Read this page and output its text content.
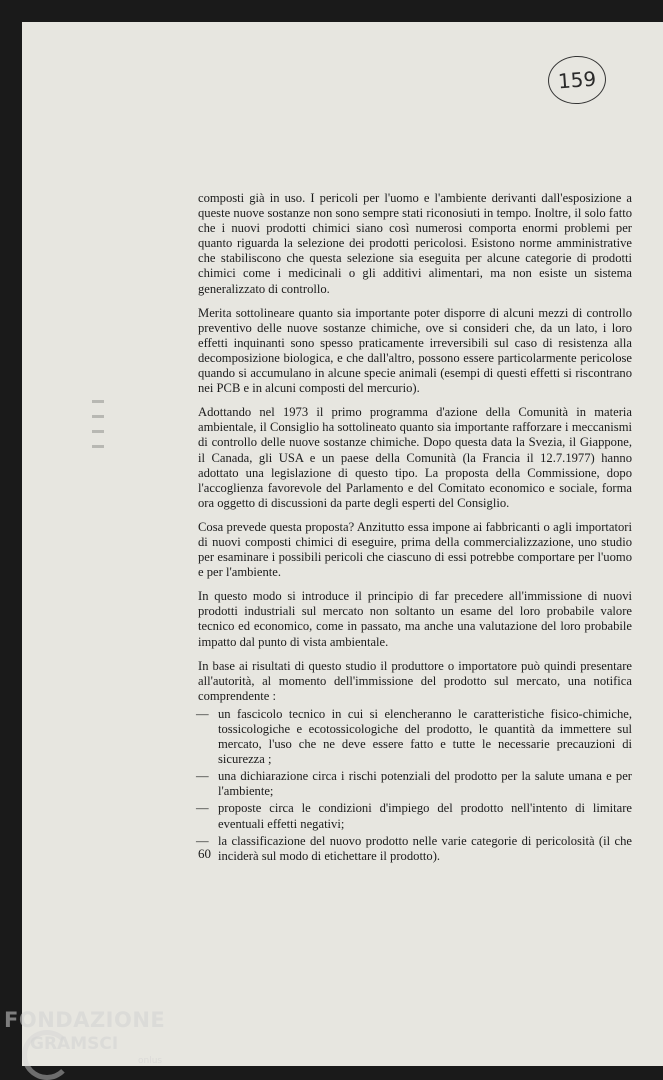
159

composti già in uso. I pericoli per l'uomo e l'ambiente derivanti dall'esposizione a queste nuove sostanze non sono sempre stati riconosiuti in tempo. Inoltre, il solo fatto che i nuovi prodotti chimici siano così numerosi comporta enormi problemi per quanto riguarda la selezione dei prodotti pericolosi. Esistono norme amministrative che stabiliscono che questa selezione sia eseguita per alcune categorie di prodotti chimici come i medicinali o gli additivi alimentari, ma non esiste un sistema generalizzato di controllo.

Merita sottolineare quanto sia importante poter disporre di alcuni mezzi di controllo preventivo delle nuove sostanze chimiche, ove si consideri che, da un lato, i loro effetti inquinanti sono spesso praticamente irreversibili sul caso di resistenza alla decomposizione biologica, e che dall'altro, possono essere particolarmente pericolose quando si accumulano in alcune specie animali (esempi di questi effetti si riscontrano nei PCB e in alcuni composti del mercurio).

Adottando nel 1973 il primo programma d'azione della Comunità in materia ambientale, il Consiglio ha sottolineato quanto sia importante rafforzare i meccanismi di controllo delle nuove sostanze chimiche. Dopo questa data la Svezia, il Giappone, il Canada, gli USA e un paese della Comunità (la Francia il 12.7.1977) hanno adottato una legislazione di questo tipo. La proposta della Commissione, dopo l'accoglienza favorevole del Parlamento e del Comitato economico e sociale, forma ora oggetto di discussioni da parte degli esperti del Consiglio.

Cosa prevede questa proposta? Anzitutto essa impone ai fabbricanti o agli importatori di nuovi composti chimici di eseguire, prima della commercializzazione, uno studio per esaminare i possibili pericoli che ciascuno di essi potrebbe comportare per l'uomo e per l'ambiente.

In questo modo si introduce il principio di far precedere all'immissione di nuovi prodotti industriali sul mercato non soltanto un esame del loro probabile valore tecnico ed economico, come in passato, ma anche una valutazione del loro probabile impatto dal punto di vista ambientale.

In base ai risultati di questo studio il produttore o importatore può quindi presentare all'autorità, al momento dell'immissione del prodotto sul mercato, una notifica comprendente :

— un fascicolo tecnico in cui si elencheranno le caratteristiche fisico-chimiche, tossicologiche e ecotossicologiche del prodotto, le quantità da immettere sul mercato, l'uso che ne deve essere fatto e tutte le necessarie precauzioni di sicurezza ;
— una dichiarazione circa i rischi potenziali del prodotto per la salute umana e per l'ambiente;
— proposte circa le condizioni d'impiego del prodotto nell'intento di limitare eventuali effetti negativi;
— la classificazione del nuovo prodotto nelle varie categorie di pericolosità (il che inciderà sul modo di etichettare il prodotto).
60
FONDAZIONE
GRAMSCI
onlus
